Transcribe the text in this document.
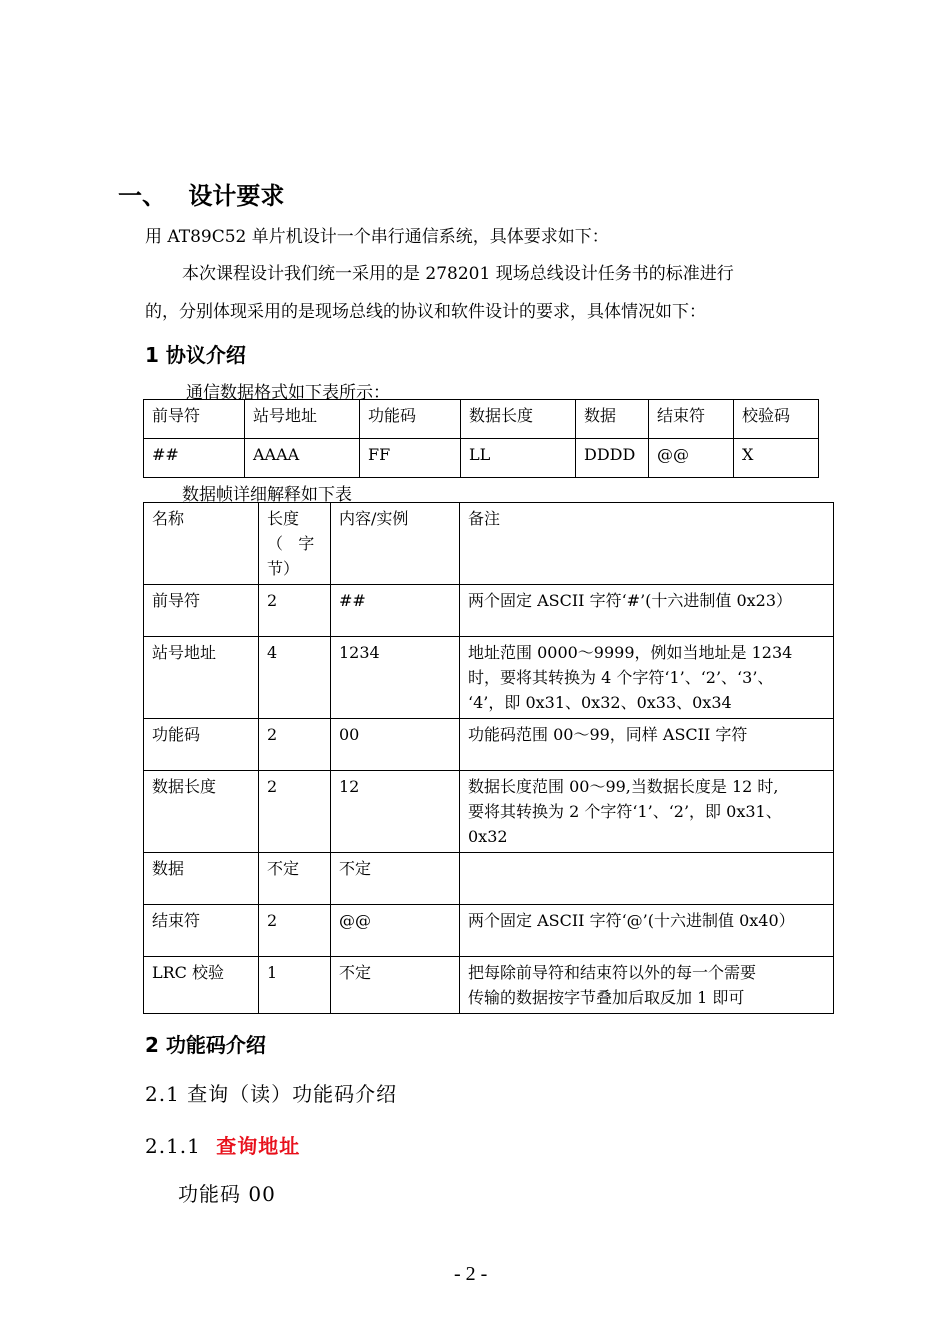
一、 设计要求
用 AT89C52 单片机设计一个串行通信系统，具体要求如下：
本次课程设计我们统一采用的是 278201 现场总线设计任务书的标准进行
的，分别体现采用的是现场总线的协议和软件设计的要求，具体情况如下：
1 协议介绍
通信数据格式如下表所示：
前导符	站号地址	功能码	数据长度	数据	结束符	校验码
##	AAAA	FF	LL	DDDD	@@	X
数据帧详细解释如下表
名称	长度
（   字
节）	内容/实例	备注
前导符	2	##	两个固定 ASCII 字符‘#’(十六进制值 0x23）

站号地址	4	1234	地址范围 0000～9999，例如当地址是 1234
时，要将其转换为 4 个字符‘1’、‘2’、‘3’、
‘4’，即 0x31、0x32、0x33、0x34

功能码	2	00	功能码范围 00～99，同样 ASCII 字符

数据长度	2	12	数据长度范围 00～99,当数据长度是 12 时,
要将其转换为 2 个字符‘1’、‘2’，即 0x31、
0x32

数据	不定	不定	

结束符	2	@@	两个固定 ASCII 字符‘@’(十六进制值 0x40）

LRC 校验	1	不定	把每除前导符和结束符以外的每一个需要
传输的数据按字节叠加后取反加 1 即可
2 功能码介绍
2.1 查询（读）功能码介绍
2.1.1 查询地址
功能码 00
- 2 -
